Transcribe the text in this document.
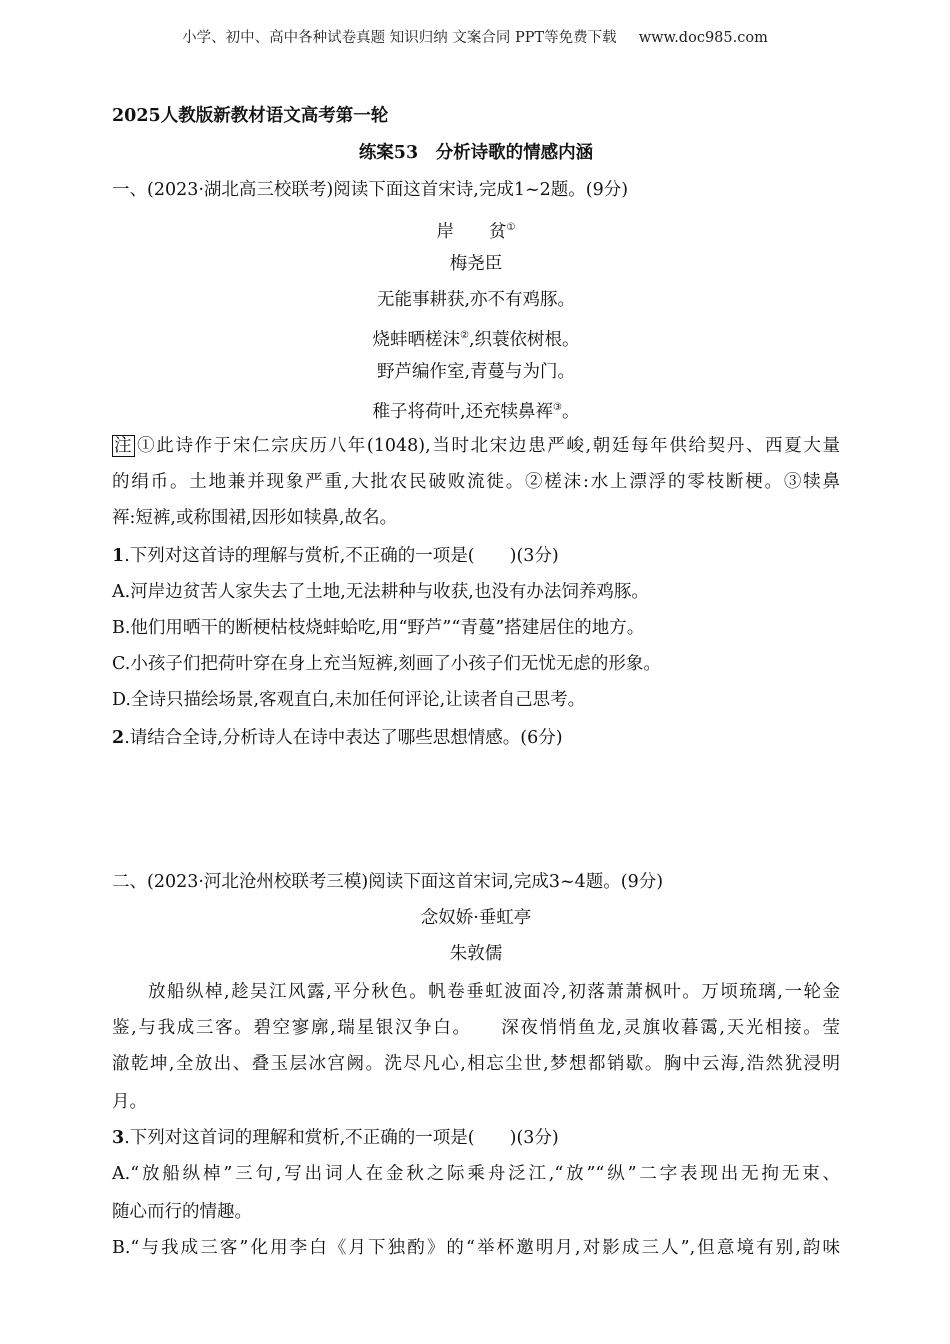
小学、初中、高中各种试卷真题 知识归纳 文案合同 PPT等免费下载 www.doc985.com
2025人教版新教材语文高考第一轮
练案53　分析诗歌的情感内涵
一、(2023·湖北高三校联考)阅读下面这首宋诗,完成1~2题。(9分)
岸　　贫①
梅尧臣
无能事耕获,亦不有鸡豚。
烧蚌晒槎沫②,织蓑依树根。
野芦编作室,青蔓与为门。
稚子将荷叶,还充犊鼻裈③。
注 ①此诗作于宋仁宗庆历八年(1048),当时北宋边患严峻,朝廷每年供给契丹、西夏大量
的绢币。土地兼并现象严重,大批农民破败流徙。②槎沫:水上漂浮的零枝断梗。③犊鼻
裈:短裤,或称围裙,因形如犊鼻,故名。
1.下列对这首诗的理解与赏析,不正确的一项是(　　)(3分)
A.河岸边贫苦人家失去了土地,无法耕种与收获,也没有办法饲养鸡豚。
B.他们用晒干的断梗枯枝烧蚌蛤吃,用“野芦”“青蔓”搭建居住的地方。
C.小孩子们把荷叶穿在身上充当短裤,刻画了小孩子们无忧无虑的形象。
D.全诗只描绘场景,客观直白,未加任何评论,让读者自己思考。
2.请结合全诗,分析诗人在诗中表达了哪些思想情感。(6分)
二、(2023·河北沧州校联考三模)阅读下面这首宋词,完成3~4题。(9分)
念奴娇·垂虹亭
朱敦儒
放船纵棹,趁吴江风露,平分秋色。帆卷垂虹波面冷,初落萧萧枫叶。万顷琉璃,一轮金
鉴,与我成三客。碧空寥廓,瑞星银汉争白。　　深夜悄悄鱼龙,灵旗收暮霭,天光相接。莹
澈乾坤,全放出、叠玉层冰宫阙。洗尽凡心,相忘尘世,梦想都销歇。胸中云海,浩然犹浸明
月。
3.下列对这首词的理解和赏析,不正确的一项是(　　)(3分)
A.“放船纵棹”三句,写出词人在金秋之际乘舟泛江,“放”“纵”二字表现出无拘无束、
随心而行的情趣。
B.“与我成三客”化用李白《月下独酌》的“举杯邀明月,对影成三人”,但意境有别,韵味
